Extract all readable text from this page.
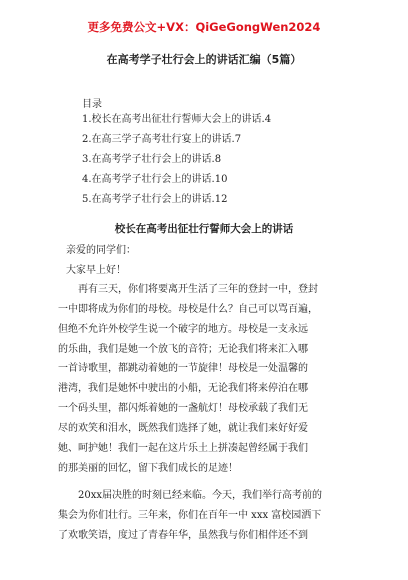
更多免费公文+VX：QiGeGongWen2024
在高考学子壮行会上的讲话汇编（5篇）
目录
1.校长在高考出征壮行誓师大会上的讲话.4
2.在高三学子高考壮行宴上的讲话.7
3.在高考学子壮行会上的讲话.8
4.在高考学子壮行会上的讲话.10
5.在高考学子壮行会上的讲话.12
校长在高考出征壮行誓师大会上的讲话
亲爱的同学们：
大家早上好！
再有三天，你们将要离开生活了三年的登封一中，登封
一中即将成为你们的母校。母校是什么？自己可以骂百遍，
但绝不允许外校学生说一个破字的地方。母校是一支永远
的乐曲，我们是她一个放飞的音符；无论我们将来汇入哪
一首诗歌里，都跳动着她的一节旋律！母校是一处温馨的
港湾，我们是她怀中驶出的小船，无论我们将来停泊在哪
一个码头里，都闪烁着她的一盏航灯！母校承载了我们无
尽的欢笑和泪水，既然我们选择了她，就让我们来好好爱
她、呵护她！我们一起在这片乐土上拼凑起曾经属于我们
的那美丽的回忆，留下我们成长的足迹！
20xx届决胜的时刻已经来临。今天，我们举行高考前的
集会为你们壮行。三年来，你们在百年一中 xxx 富校园洒下
了欢歌笑语，度过了青春年华，虽然我与你们相伴还不到
